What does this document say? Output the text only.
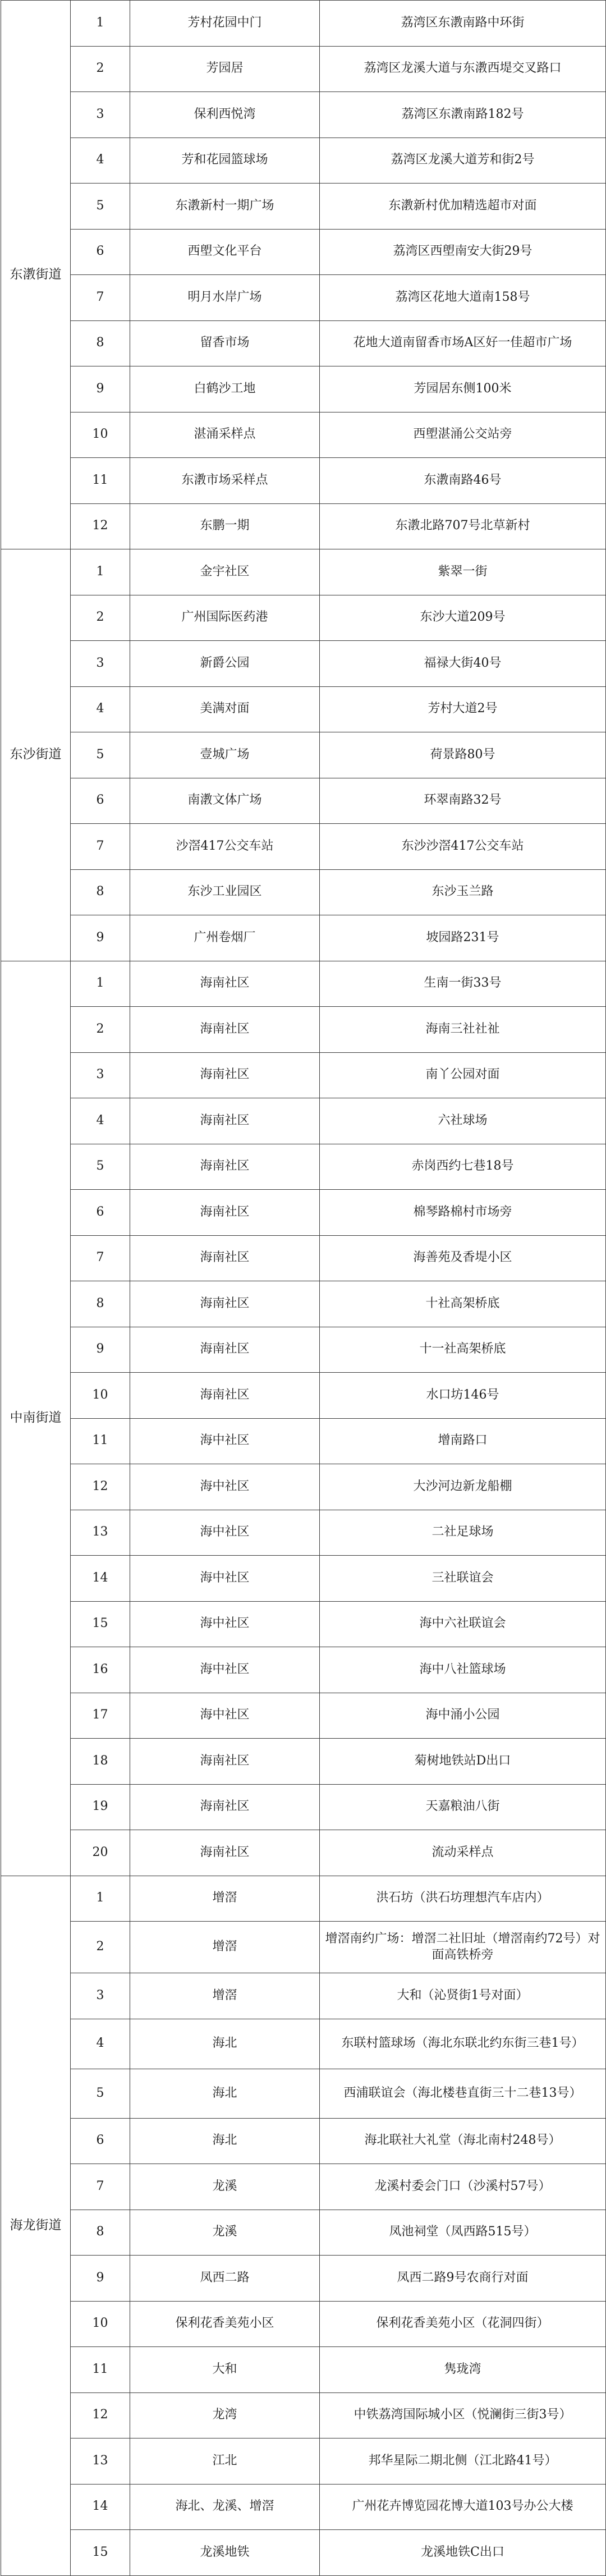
东漖街道	1	芳村花园中门	荔湾区东漖南路中环街
	2	芳园居	荔湾区龙溪大道与东漖西堤交叉路口
	3	保利西悦湾	荔湾区东漖南路182号
	4	芳和花园篮球场	荔湾区龙溪大道芳和街2号
	5	东漖新村一期广场	东漖新村优加精选超市对面
	6	西塱文化平台	荔湾区西塱南安大街29号
	7	明月水岸广场	荔湾区花地大道南158号
	8	留香市场	花地大道南留香市场A区好一佳超市广场
	9	白鹤沙工地	芳园居东侧100米
	10	湛涌采样点	西塱湛涌公交站旁
	11	东漖市场采样点	东漖南路46号
	12	东鹏一期	东漖北路707号北草新村
东沙街道	1	金宇社区	紫翠一街
	2	广州国际医药港	东沙大道209号
	3	新爵公园	福禄大街40号
	4	美满对面	芳村大道2号
	5	壹城广场	荷景路80号
	6	南漖文体广场	环翠南路32号
	7	沙滘417公交车站	东沙沙滘417公交车站
	8	东沙工业园区	东沙玉兰路
	9	广州卷烟厂	坡园路231号
中南街道	1	海南社区	生南一街33号
	2	海南社区	海南三社社祉
	3	海南社区	南丫公园对面
	4	海南社区	六社球场
	5	海南社区	赤岗西约七巷18号
	6	海南社区	棉琴路棉村市场旁
	7	海南社区	海善苑及香堤小区
	8	海南社区	十社高架桥底
	9	海南社区	十一社高架桥底
	10	海南社区	水口坊146号
	11	海中社区	增南路口
	12	海中社区	大沙河边新龙船棚
	13	海中社区	二社足球场
	14	海中社区	三社联谊会
	15	海中社区	海中六社联谊会
	16	海中社区	海中八社篮球场
	17	海中社区	海中涌小公园
	18	海南社区	菊树地铁站D出口
	19	海南社区	天嘉粮油八街
	20	海南社区	流动采样点
海龙街道	1	增滘	洪石坊（洪石坊理想汽车店内）
	2	增滘	增滘南约广场：增滘二社旧址（增滘南约72号）对面高铁桥旁
	3	增滘	大和（沁贤街1号对面）
	4	海北	东联村篮球场（海北东联北约东街三巷1号）
	5	海北	西浦联谊会（海北楼巷直街三十二巷13号）
	6	海北	海北联社大礼堂（海北南村248号）
	7	龙溪	龙溪村委会门口（沙溪村57号）
	8	龙溪	凤池祠堂（凤西路515号）
	9	凤西二路	凤西二路9号农商行对面
	10	保利花香美苑小区	保利花香美苑小区（花洞四街）
	11	大和	隽珑湾
	12	龙湾	中铁荔湾国际城小区（悦澜街三街3号）
	13	江北	邦华星际二期北侧（江北路41号）
	14	海北、龙溪、增滘	广州花卉博览园花博大道103号办公大楼
	15	龙溪地铁	龙溪地铁C出口
